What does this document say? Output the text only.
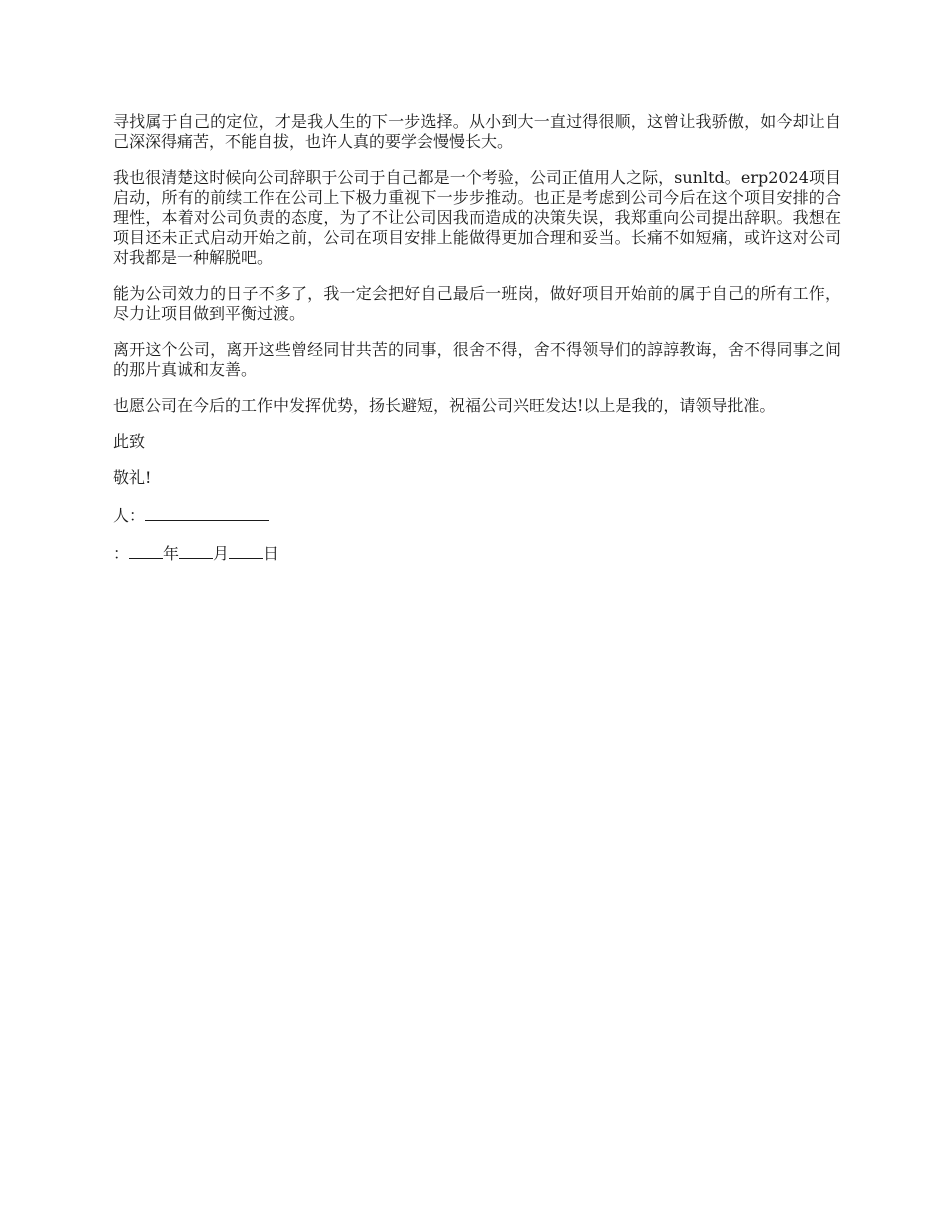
寻找属于自己的定位，才是我人生的下一步选择。从小到大一直过得很顺，这曾让我骄傲，如今却让自己深深得痛苦，不能自拔，也许人真的要学会慢慢长大。

我也很清楚这时候向公司辞职于公司于自己都是一个考验，公司正值用人之际，sunltd。erp2024项目启动，所有的前续工作在公司上下极力重视下一步步推动。也正是考虑到公司今后在这个项目安排的合理性，本着对公司负责的态度，为了不让公司因我而造成的决策失误，我郑重向公司提出辞职。我想在项目还未正式启动开始之前，公司在项目安排上能做得更加合理和妥当。长痛不如短痛，或许这对公司对我都是一种解脱吧。

能为公司效力的日子不多了，我一定会把好自己最后一班岗，做好项目开始前的属于自己的所有工作，尽力让项目做到平衡过渡。

离开这个公司，离开这些曾经同甘共苦的同事，很舍不得，舍不得领导们的諄諄教诲，舍不得同事之间的那片真诚和友善。

也愿公司在今后的工作中发挥优势，扬长避短，祝福公司兴旺发达!以上是我的，请领导批准。

此致

敬礼!

人：

： 年 月 日
